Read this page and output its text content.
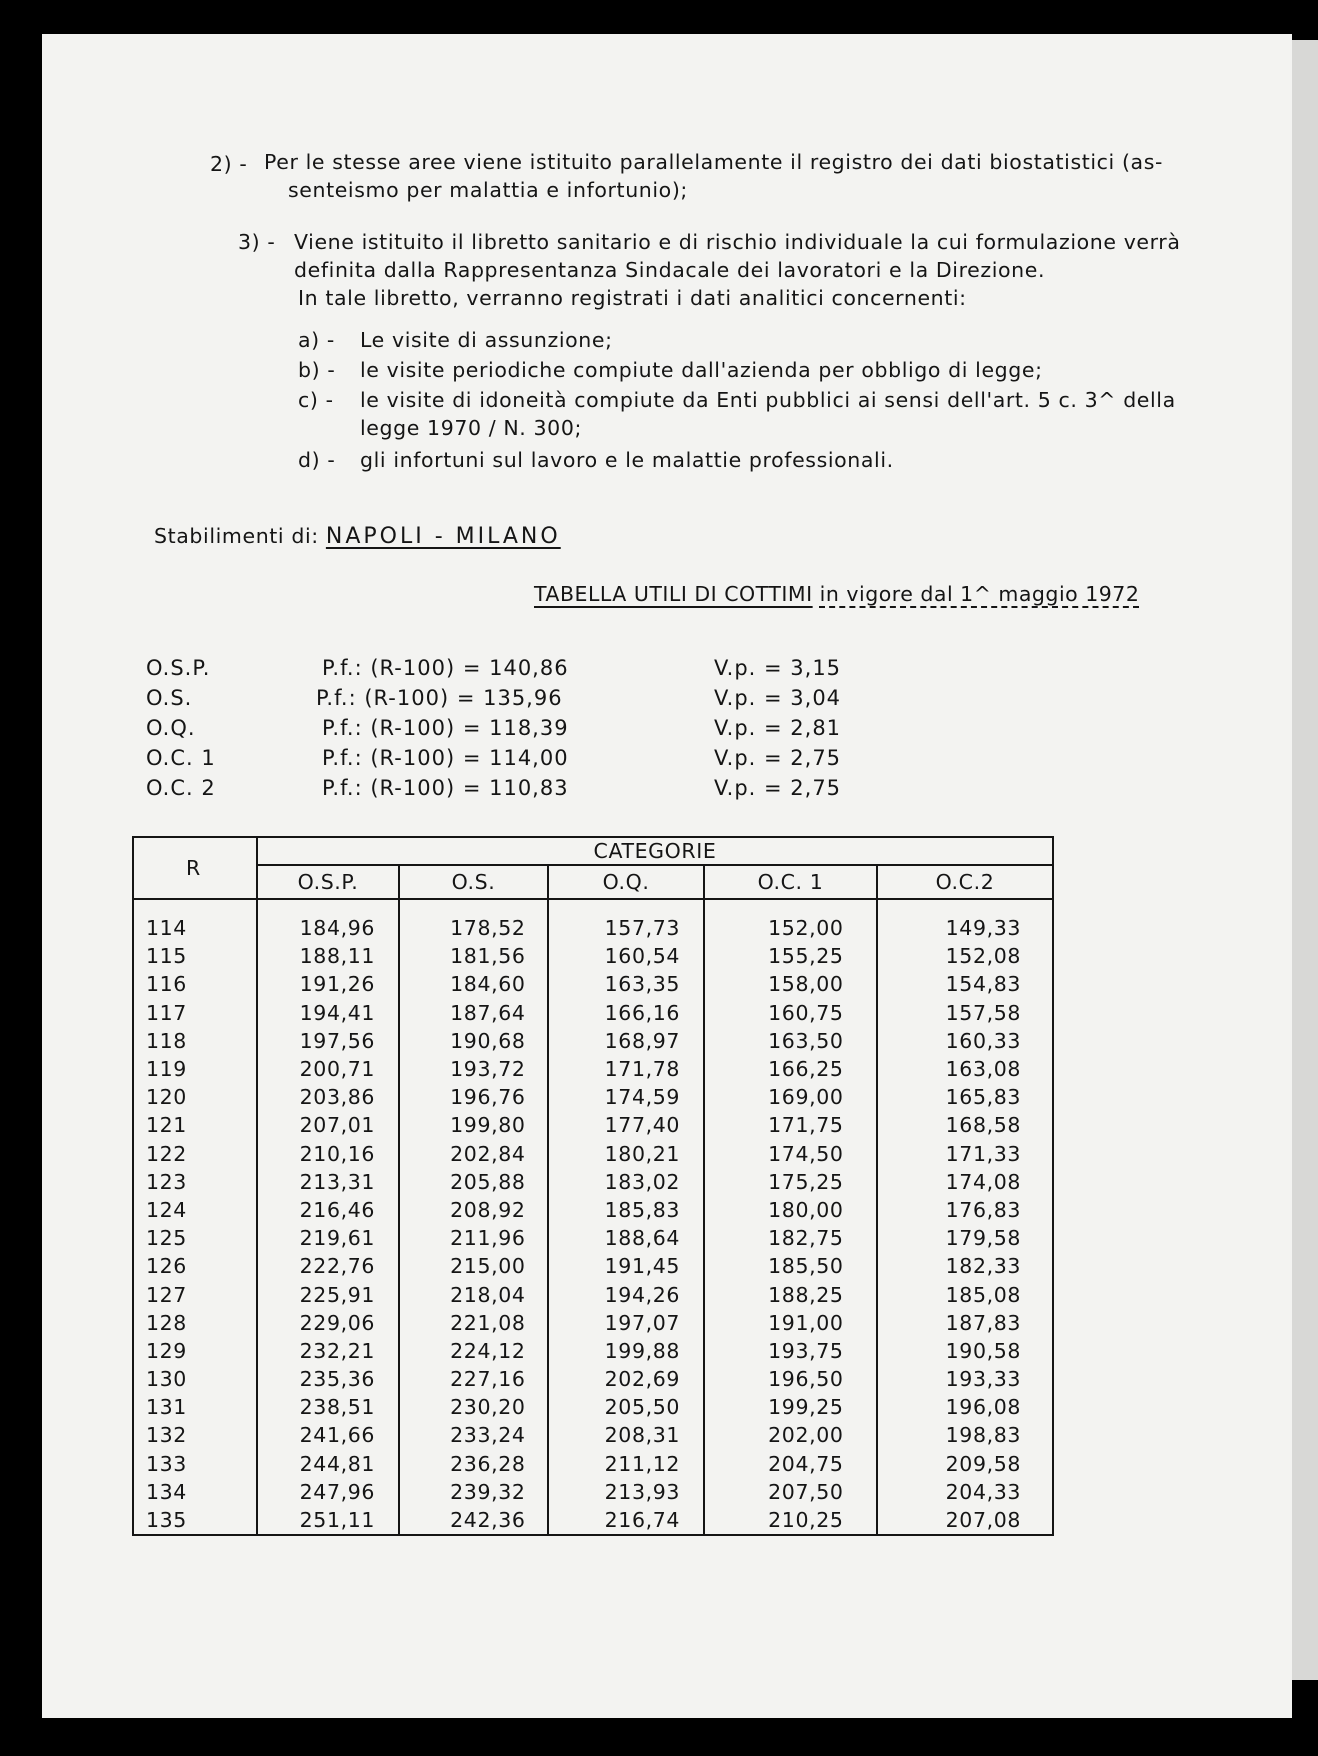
2) - Per le stesse aree viene istituito parallelamente il registro dei dati biostatistici (as-
senteismo per malattia e infortunio);
3) - Viene istituito il libretto sanitario e di rischio individuale la cui formulazione verrà
definita dalla Rappresentanza Sindacale dei lavoratori e la Direzione.
In tale libretto, verranno registrati i dati analitici concernenti:
a) - Le visite di assunzione;
b) - le visite periodiche compiute dall'azienda per obbligo di legge;
c) - le visite di idoneità compiute da Enti pubblici ai sensi dell'art. 5 c. 3^ della
legge 1970 / N. 300;
d) - gli infortuni sul lavoro e le malattie professionali.
Stabilimenti di: NAPOLI - MILANO
TABELLA UTILI DI COTTIMI in vigore dal 1^ maggio 1972
O.S.P.	P.f.: (R-100) = 140,86	V.p. = 3,15
O.S.	P.f.: (R-100) = 135,96	V.p. = 3,04
O.Q.	P.f.: (R-100) = 118,39	V.p. = 2,81
O.C. 1	P.f.: (R-100) = 114,00	V.p. = 2,75
O.C. 2	P.f.: (R-100) = 110,83	V.p. = 2,75
R	CATEGORIE				
	O.S.P.	O.S.	O.Q.	O.C. 1	O.C.2
114	184,96	178,52	157,73	152,00	149,33
115	188,11	181,56	160,54	155,25	152,08
116	191,26	184,60	163,35	158,00	154,83
117	194,41	187,64	166,16	160,75	157,58
118	197,56	190,68	168,97	163,50	160,33
119	200,71	193,72	171,78	166,25	163,08
120	203,86	196,76	174,59	169,00	165,83
121	207,01	199,80	177,40	171,75	168,58
122	210,16	202,84	180,21	174,50	171,33
123	213,31	205,88	183,02	175,25	174,08
124	216,46	208,92	185,83	180,00	176,83
125	219,61	211,96	188,64	182,75	179,58
126	222,76	215,00	191,45	185,50	182,33
127	225,91	218,04	194,26	188,25	185,08
128	229,06	221,08	197,07	191,00	187,83
129	232,21	224,12	199,88	193,75	190,58
130	235,36	227,16	202,69	196,50	193,33
131	238,51	230,20	205,50	199,25	196,08
132	241,66	233,24	208,31	202,00	198,83
133	244,81	236,28	211,12	204,75	209,58
134	247,96	239,32	213,93	207,50	204,33
135	251,11	242,36	216,74	210,25	207,08
